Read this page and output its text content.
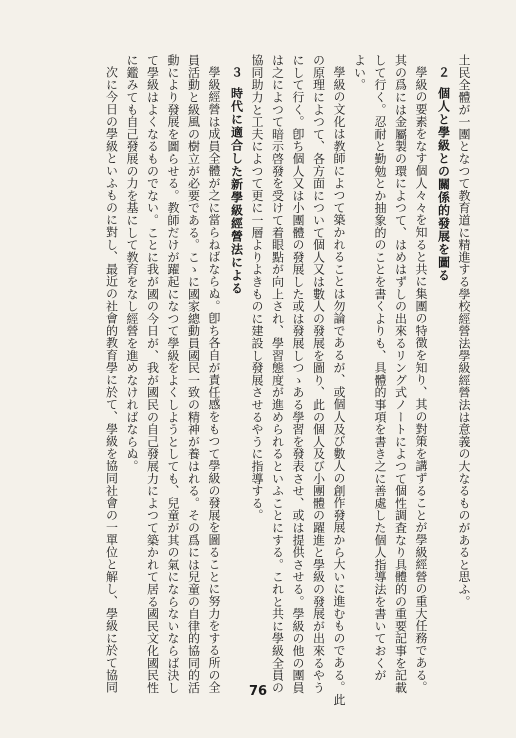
土民全體が一團となつて教育道に精進する學校經營法學級經營法は意義の大なるものがあると思ふ。
２個人と學級との關係的發展を圖る
學級の要素をなす個人々々を知ると共に集團の特徴を知り、其の對策を講ずることが學級經營の重大任務である。
其の爲には金屬製の環によつて、はめはずしの出來るリング式ノートによつて個性調査なり具體的の重要記事を記載
して行く。忍耐と勤勉とか抽象的のことを書くよりも、具體的事項を書き之に善處した個人指導法を書いておくが
よい。
學級の文化は教師によつて築かれることは勿論であるが、或個人及び數人の創作發展から大いに進むものである。此
の原理によつて、各方面について個人又は數人の發展を圖り、此の個人及び小團體の躍進と學級の發展が出來るやう
にして行く。卽ち個人又は小團體の發展した或は發展しつゝある學習を發表させ、或は提供させる。學級の他の團員
は之によつて暗示啓發を受けて着眼點が向上され、學習態度が進められるといふことにする。これと共に學級全員の
協同助力と工夫によつて更に一層よりよきものに建設し發展させるやうに指導する。
３時代に適合した新學級經營法による
學級經營は成員全體が之に當らねばならぬ。卽ち各自が責任感をもつて學級の發展を圖ることに努力をする所の全
員活動と級風の樹立が必要である。こゝに國家總動員國民一致の精神が養はれる。その爲には兒童の自律的協同的活
動により發展を圖らせる。教師だけが躍起になつて學級をよくしようとしても、兒童が其の氣にならないならば決し
て學級はよくなるものでない。ことに我が國の今日が、我が國民の自己發展力によつて築かれて居る國民文化國民性
に鑑みても自己發展の力を基にして教育をなし經營を進めなければならぬ。
次に今日の學級といふものに對し、最近の社會的教育學に於て、學級を協同社會の一單位と解し、學級に於て協同	76
